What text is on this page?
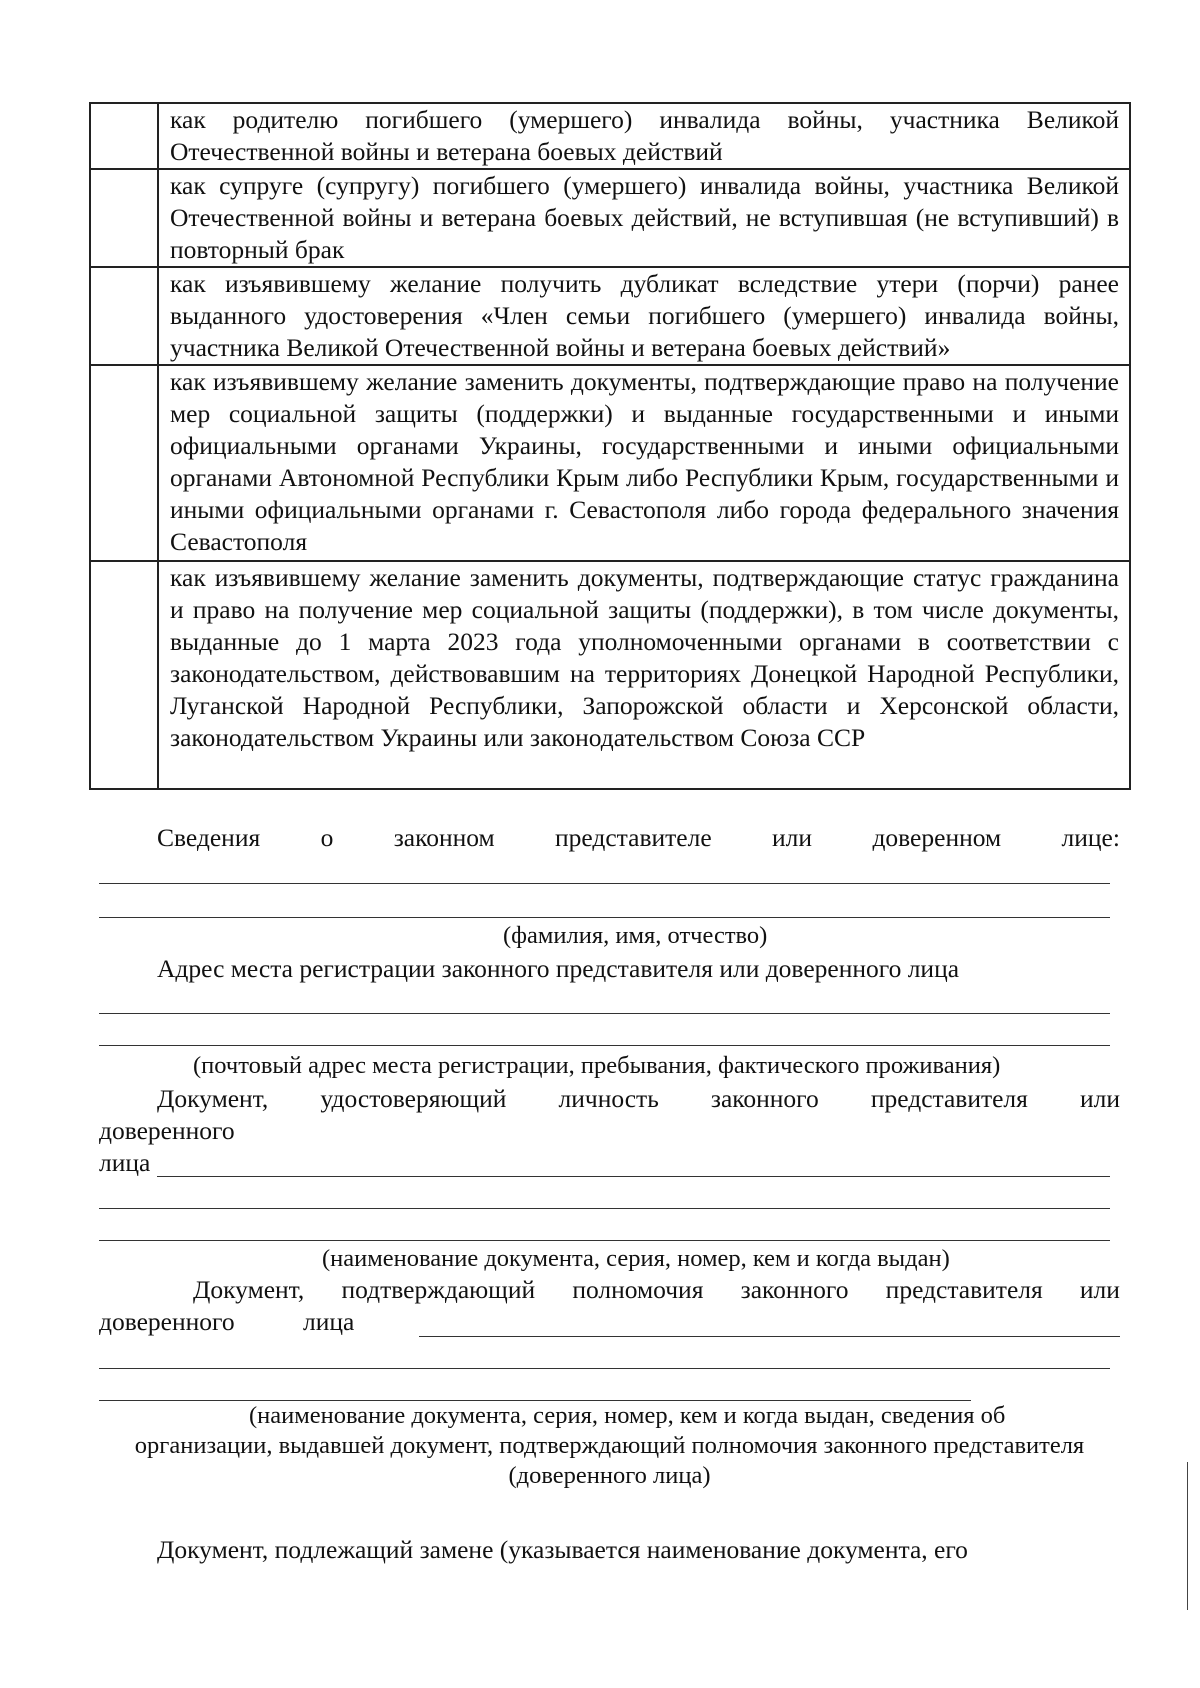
	как родителю погибшего (умершего) инвалида войны, участника Великой Отечественной войны и ветерана боевых действий
	как супруге (супругу) погибшего (умершего) инвалида войны, участника Великой Отечественной войны и ветерана боевых действий, не вступившая (не вступивший) в повторный брак
	как изъявившему желание получить дубликат вследствие утери (порчи) ранее выданного удостоверения «Член семьи погибшего (умершего) инвалида войны, участника Великой Отечественной войны и ветерана боевых действий»
	как изъявившему желание заменить документы, подтверждающие право на получение мер социальной защиты (поддержки) и выданные государственными и иными официальными органами Украины, государственными и иными официальными органами Автономной Республики Крым либо Республики Крым, государственными и иными официальными органами г. Севастополя либо города федерального значения Севастополя
	как изъявившему желание заменить документы, подтверждающие статус гражданина и право на получение мер социальной защиты (поддержки), в том числе документы, выданные до 1 марта 2023 года уполномоченными органами в соответствии с законодательством, действовавшим на территориях Донецкой Народной Республики, Луганской Народной Республики, Запорожской области и Херсонской области, законодательством Украины или законодательством Союза ССР
Сведения о законном представителе или доверенном лице:
(фамилия, имя, отчество)
Адрес места регистрации законного представителя или доверенного лица
(почтовый адрес места регистрации, пребывания, фактического проживания)
Документ, удостоверяющий личность законного представителя или
доверенного
лица
(наименование документа, серия, номер, кем и когда выдан)
Документ, подтверждающий полномочия законного представителя или
доверенного	лица
(наименование документа, серия, номер, кем и когда выдан, сведения об
организации, выдавшей документ, подтверждающий полномочия законного представителя
(доверенного лица)
Документ, подлежащий замене (указывается наименование документа, его
